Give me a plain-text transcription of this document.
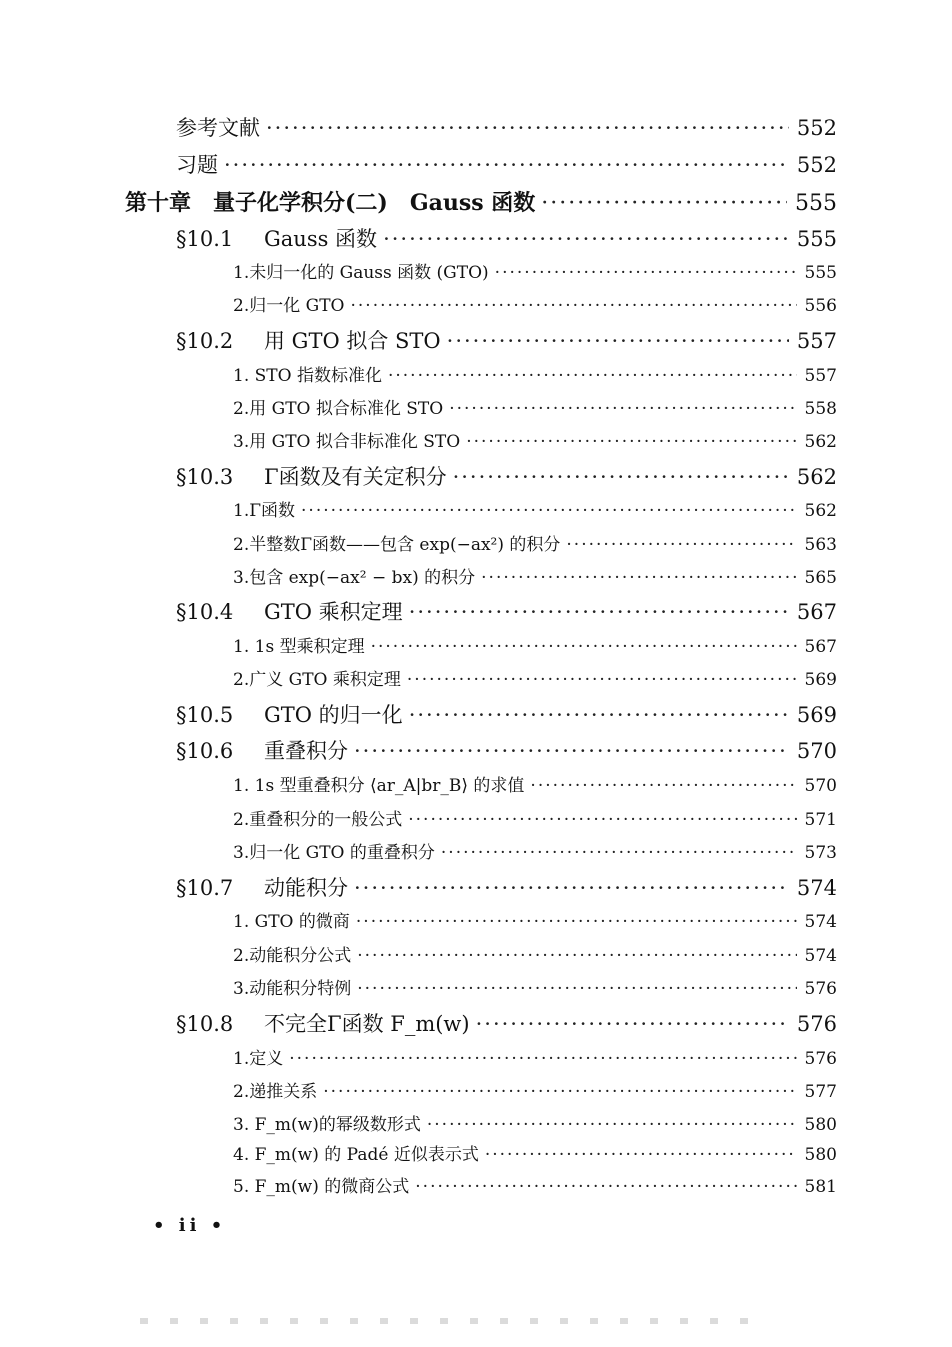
参考文献 ·····	552
习题 ·····	552
第十章　量子化学积分(二)　Gauss 函数 ·····	555
§10.1 Gauss 函数 ·····	555
1.未归一化的 Gauss 函数 (GTO) ·····	555
2.归一化 GTO ·····	556
§10.2 用 GTO 拟合 STO ·····	557
1. STO 指数标准化 ·····	557
2.用 GTO 拟合标准化 STO ·····	558
3.用 GTO 拟合非标准化 STO ·····	562
§10.3 Γ函数及有关定积分 ·····	562
1.Γ函数 ·····	562
2.半整数Γ函数——包含 exp(−ax²) 的积分 ·····	563
3.包含 exp(−ax² − bx) 的积分 ·····	565
§10.4 GTO 乘积定理 ·····	567
1. 1s 型乘积定理 ·····	567
2.广义 GTO 乘积定理 ·····	569
§10.5 GTO 的归一化 ·····	569
§10.6 重叠积分 ·····	570
1. 1s 型重叠积分 ⟨ar_A|br_B⟩ 的求值 ·····	570
2.重叠积分的一般公式 ·····	571
3.归一化 GTO 的重叠积分 ·····	573
§10.7 动能积分 ·····	574
1. GTO 的微商 ·····	574
2.动能积分公式 ·····	574
3.动能积分特例 ·····	576
§10.8 不完全Γ函数 F_m(w) ·····	576
1.定义 ·····	576
2.递推关系 ·····	577
3. F_m(w)的幂级数形式 ·····	580
4. F_m(w) 的 Padé 近似表示式 ·····	580
5. F_m(w) 的微商公式 ·····	581
• ii •
